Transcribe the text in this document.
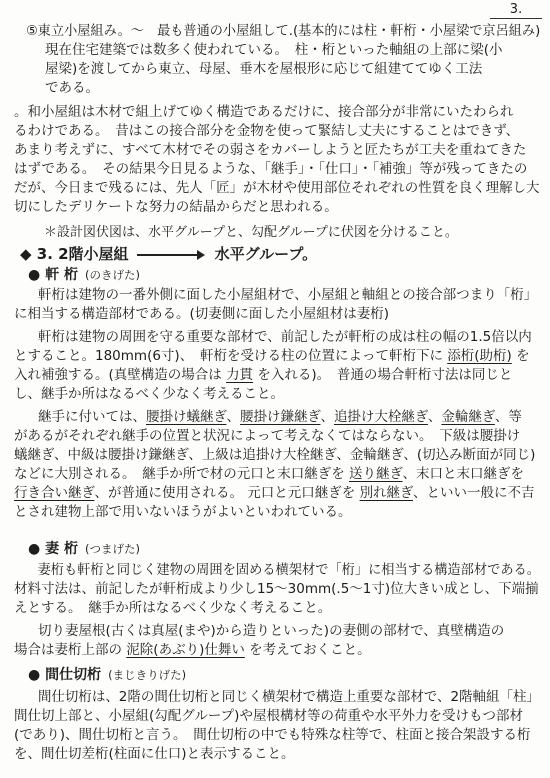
3.
⑤東立小屋組み。～　最も普通の小屋組して.(基本的には柱・軒桁・小屋梁で京呂組み)
現在住宅建築では数多く使われている。　柱・桁といった軸組の上部に梁(小
屋梁)を渡してから東立、母屋、垂木を屋根形に応じて組建ててゆく工法
である。
。和小屋組は木材で組上げてゆく構造であるだけに、接合部分が非常にいたわられ
るわけである。　昔はこの接合部分を金物を使って緊結し丈夫にすることはできず、
あまり考えずに、すべて木材でその弱さをカバーしようと匠たちが工夫を重ねてきた
はずである。　その結果今日見るような、「継手」・「仕口」・「補強」等が残ってきたの
だが、今日まで残るには、先人「匠」が木材や使用部位それぞれの性質を良く理解し大
切にしたデリケートな努力の結晶からだと思われる。
＊設計図伏図は、水平グループと、勾配グループに伏図を分けること。
◆ 3. 2階小屋組	水平グループ。
● 軒 桁 (のきげた)
軒桁は建物の一番外側に面した小屋組材で、小屋組と軸組との接合部つまり「桁」
に相当する構造部材である。(切妻側に面した小屋組材は妻桁)
軒桁は建物の周囲を守る重要な部材で、前記したが軒桁の成は柱の幅の1.5倍以内
とすること。180mm(6寸)、　軒桁を受ける柱の位置によって軒桁下に 添桁(助桁) を
入れ補強する。(真壁構造の場合は 力貫 を入れる)。　普通の場合軒桁寸法は同じと
し、継手か所はなるべく少なく考えること。
継手に付いては、腰掛け蟻継ぎ、腰掛け鎌継ぎ、追掛け大栓継ぎ、金輪継ぎ、等
があるがそれぞれ継手の位置と状況によって考えなくてはならない。　下級は腰掛け
蟻継ぎ、中級は腰掛け鎌継ぎ、上級は追掛け大栓継ぎ、金輪継ぎ、(切込み断面が同じ)
などに大別される。　継手か所で材の元口と末口継ぎを 送り継ぎ、末口と末口継ぎを
行き合い継ぎ、が普通に使用される。 元口と元口継ぎを 別れ継ぎ、といい一般に不吉
とされ建物上部で用いないほうがよいといわれている。
● 妻 桁 (つまげた)
妻桁も軒桁と同じく建物の周囲を固める横架材で「桁」に相当する構造部材である。
材料寸法は、前記したが軒桁成より少し15～30mm(.5～1寸)位大きい成とし、下端揃
えとする。　継手か所はなるべく少なく考えること。
切り妻屋根(古くは真屋(まや)から造りといった)の妻側の部材で、真壁構造の
場合は妻桁上部の 泥除(あぶり)仕舞い を考えておくこと。
● 間仕切桁 (まじきりげた)
間仕切桁は、2階の間仕切桁と同じく横架材で構造上重要な部材で、2階軸組「柱」
間仕切上部と、小屋組(勾配グループ)や屋根構材等の荷重や水平外力を受けもつ部材
(であり)、間仕切桁と言う。　間仕切桁の中でも特殊な柱等で、柱面と接合架設する桁
を、間仕切差桁(柱面に仕口)と表示すること。
